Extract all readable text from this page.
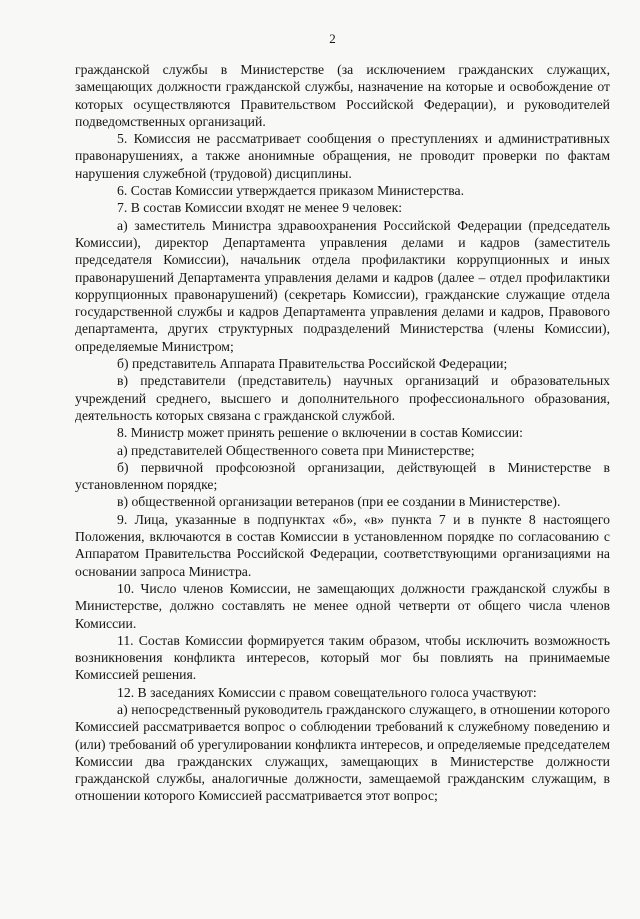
2

гражданской службы в Министерстве (за исключением гражданских служащих, замещающих должности гражданской службы, назначение на которые и освобождение от которых осуществляются Правительством Российской Федерации), и руководителей подведомственных организаций.

5. Комиссия не рассматривает сообщения о преступлениях и административных правонарушениях, а также анонимные обращения, не проводит проверки по фактам нарушения служебной (трудовой) дисциплины.

6. Состав Комиссии утверждается приказом Министерства.

7. В состав Комиссии входят не менее 9 человек:

а) заместитель Министра здравоохранения Российской Федерации (председатель Комиссии), директор Департамента управления делами и кадров (заместитель председателя Комиссии), начальник отдела профилактики коррупционных и иных правонарушений Департамента управления делами и кадров (далее – отдел профилактики коррупционных правонарушений) (секретарь Комиссии), гражданские служащие отдела государственной службы и кадров Департамента управления делами и кадров, Правового департамента, других структурных подразделений Министерства (члены Комиссии), определяемые Министром;

б) представитель Аппарата Правительства Российской Федерации;

в) представители (представитель) научных организаций и образовательных учреждений среднего, высшего и дополнительного профессионального образования, деятельность которых связана с гражданской службой.

8. Министр может принять решение о включении в состав Комиссии:

а) представителей Общественного совета при Министерстве;

б) первичной профсоюзной организации, действующей в Министерстве в установленном порядке;

в) общественной организации ветеранов (при ее создании в Министерстве).

9. Лица, указанные в подпунктах «б», «в» пункта 7 и в пункте 8 настоящего Положения, включаются в состав Комиссии в установленном порядке по согласованию с Аппаратом Правительства Российской Федерации, соответствующими организациями на основании запроса Министра.

10. Число членов Комиссии, не замещающих должности гражданской службы в Министерстве, должно составлять не менее одной четверти от общего числа членов Комиссии.

11. Состав Комиссии формируется таким образом, чтобы исключить возможность возникновения конфликта интересов, который мог бы повлиять на принимаемые Комиссией решения.

12. В заседаниях Комиссии с правом совещательного голоса участвуют:

а) непосредственный руководитель гражданского служащего, в отношении которого Комиссией рассматривается вопрос о соблюдении требований к служебному поведению и (или) требований об урегулировании конфликта интересов, и определяемые председателем Комиссии два гражданских служащих, замещающих в Министерстве должности гражданской службы, аналогичные должности, замещаемой гражданским служащим, в отношении которого Комиссией рассматривается этот вопрос;
